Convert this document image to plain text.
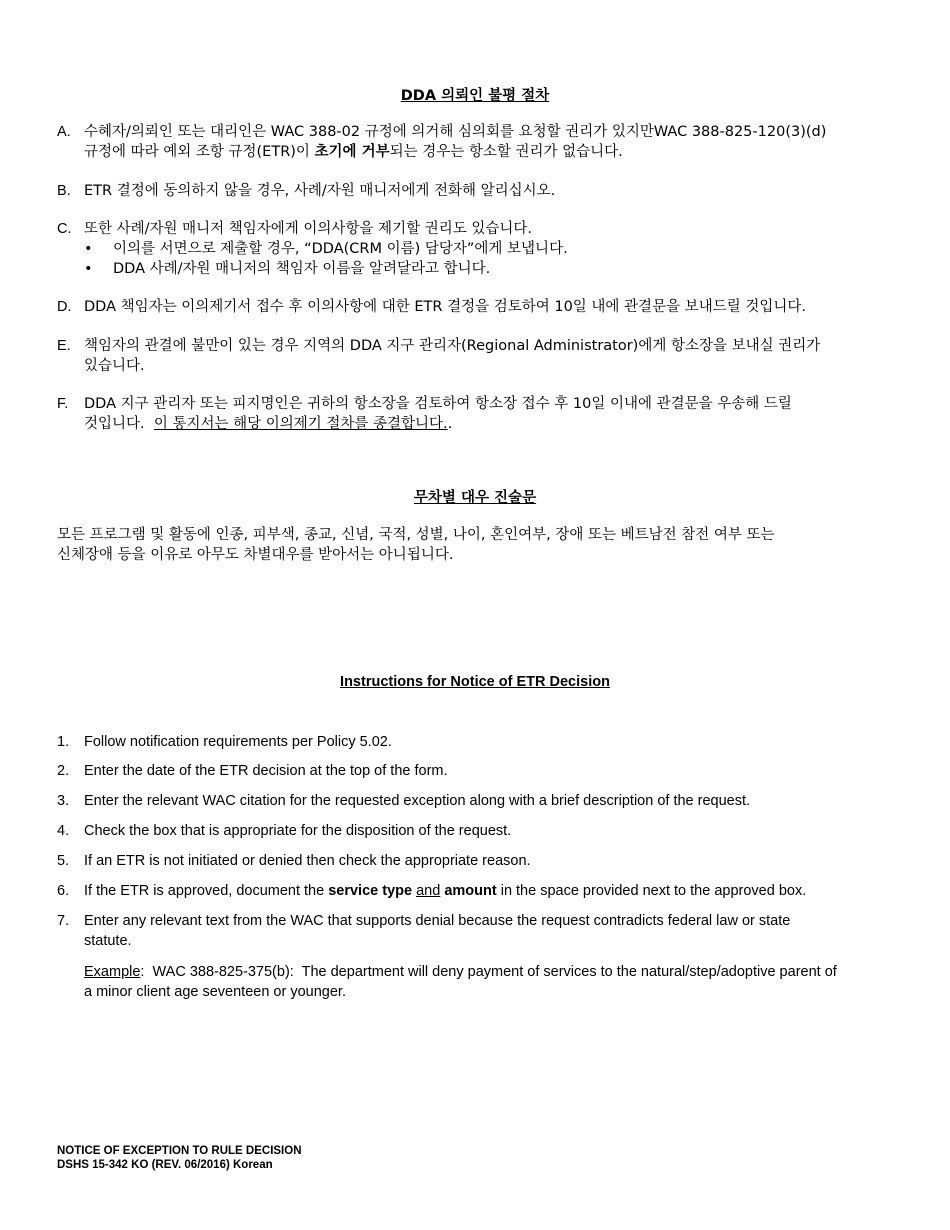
DDA 의뢰인 불평 절차
A. 수혜자/의뢰인 또는 대리인은 WAC 388-02 규정에 의거해 심의회를 요청할 권리가 있지만WAC 388-825-120(3)(d)
규정에 따라 예외 조항 규정(ETR)이 초기에 거부되는 경우는 항소할 권리가 없습니다.
B. ETR 결정에 동의하지 않을 경우, 사례/자원 매니저에게 전화해 알리십시오.
C. 또한 사례/자원 매니저 책임자에게 이의사항을 제기할 권리도 있습니다.
• 이의를 서면으로 제출할 경우, “DDA(CRM 이름) 담당자”에게 보냅니다.
• DDA 사례/자원 매니저의 책임자 이름을 알려달라고 합니다.
D. DDA 책임자는 이의제기서 접수 후 이의사항에 대한 ETR 결정을 검토하여 10일 내에 관결문을 보내드릴 것입니다.
E. 책임자의 관결에 불만이 있는 경우 지역의 DDA 지구 관리자(Regional Administrator)에게 항소장을 보내실 권리가
있습니다.
F. DDA 지구 관리자 또는 피지명인은 귀하의 항소장을 검토하여 항소장 접수 후 10일 이내에 관결문을 우송해 드릴
것입니다.  이 통지서는 해당 이의제기 절차를 종결합니다..
무차별 대우 진술문
모든 프로그램 및 활동에 인종, 피부색, 종교, 신념, 국적, 성별, 나이, 혼인여부, 장애 또는 베트남전 참전 여부 또는
신체장애 등을 이유로 아무도 차별대우를 받아서는 아니됩니다.
Instructions for Notice of ETR Decision
1. Follow notification requirements per Policy 5.02.
2. Enter the date of the ETR decision at the top of the form.
3. Enter the relevant WAC citation for the requested exception along with a brief description of the request.
4. Check the box that is appropriate for the disposition of the request.
5. If an ETR is not initiated or denied then check the appropriate reason.
6. If the ETR is approved, document the service type and amount in the space provided next to the approved box.
7. Enter any relevant text from the WAC that supports denial because the request contradicts federal law or state
statute.
Example:  WAC 388-825-375(b):  The department will deny payment of services to the natural/step/adoptive parent of
a minor client age seventeen or younger.
NOTICE OF EXCEPTION TO RULE DECISION
DSHS 15-342 KO (REV. 06/2016) Korean
